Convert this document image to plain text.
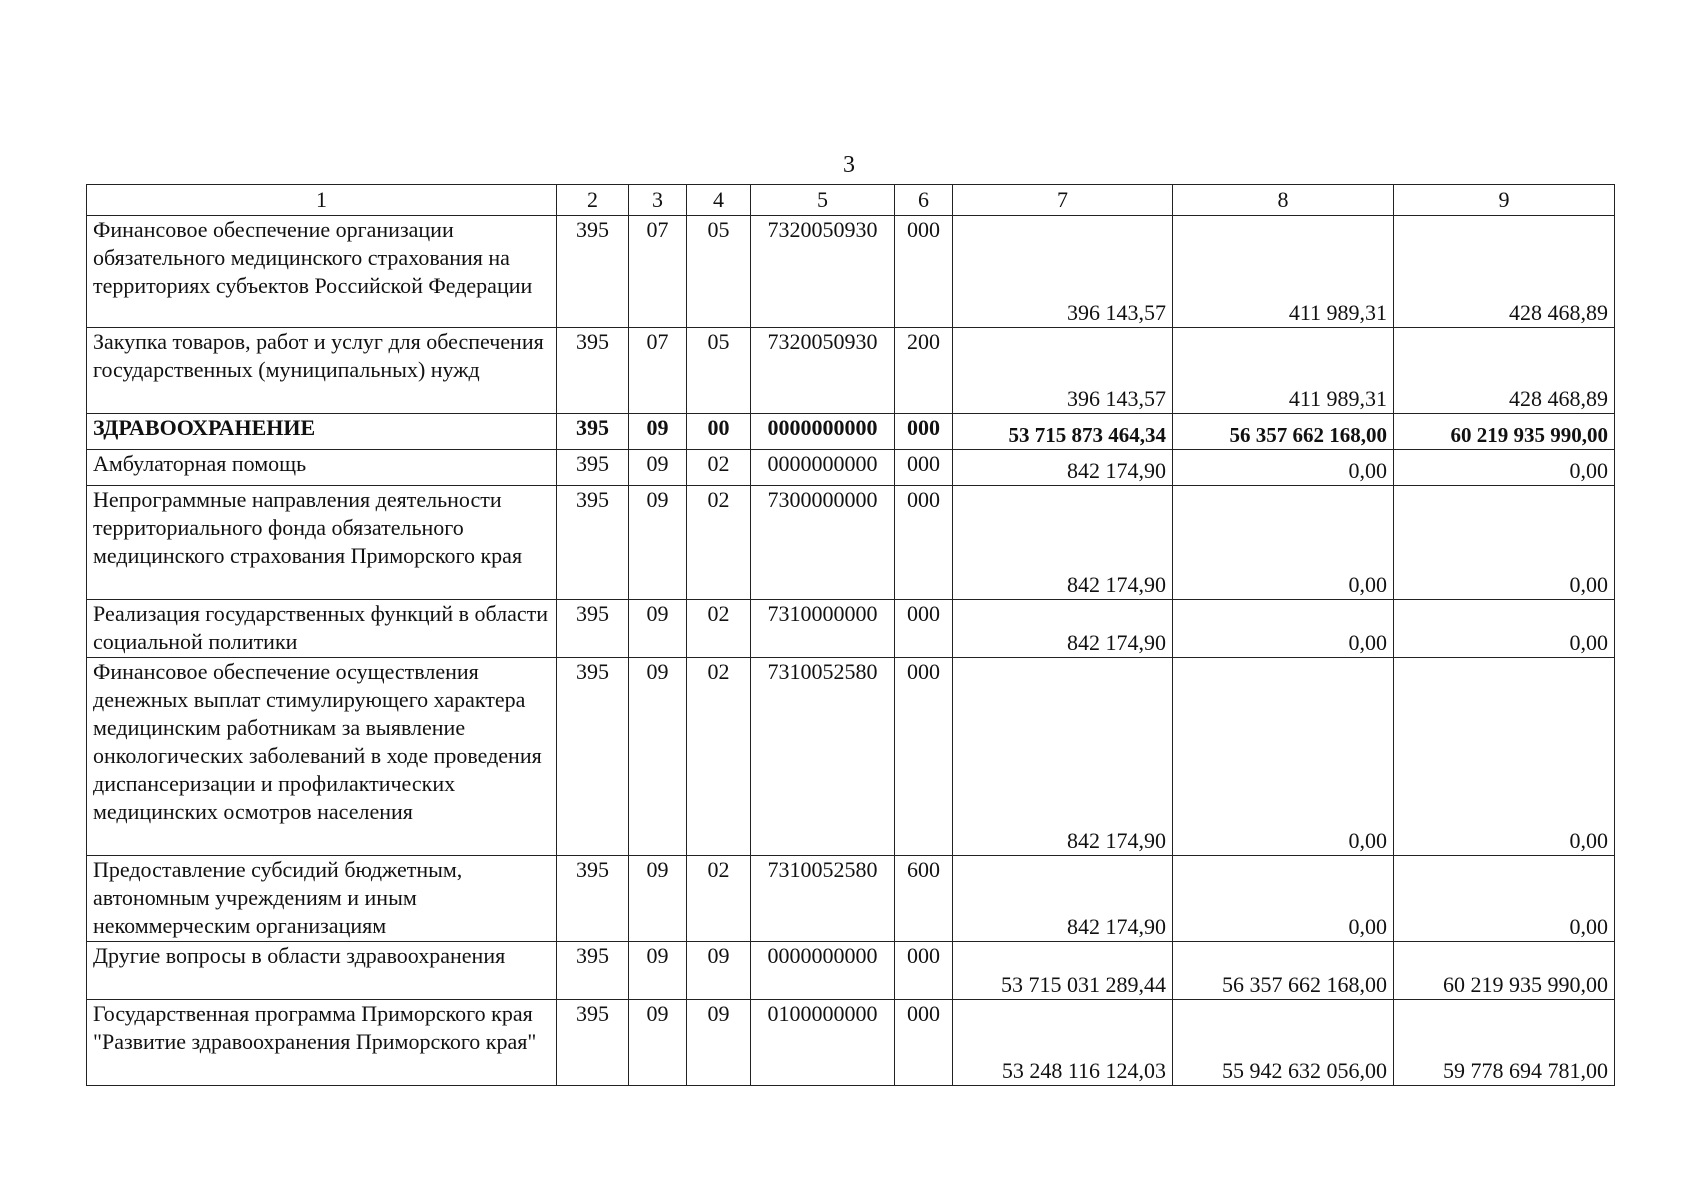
3
1	2	3	4	5	6	7	8	9
Финансовое обеспечение организации обязательного медицинского страхования на территориях субъектов Российской Федерации	395	07	05	7320050930	000	396 143,57	411 989,31	428 468,89
Закупка товаров, работ и услуг для обеспечения государственных (муниципальных) нужд	395	07	05	7320050930	200	396 143,57	411 989,31	428 468,89
ЗДРАВООХРАНЕНИЕ	395	09	00	0000000000	000	53 715 873 464,34	56 357 662 168,00	60 219 935 990,00
Амбулаторная помощь	395	09	02	0000000000	000	842 174,90	0,00	0,00
Непрограммные направления деятельности территориального фонда обязательного медицинского страхования Приморского края	395	09	02	7300000000	000	842 174,90	0,00	0,00
Реализация государственных функций в области социальной политики	395	09	02	7310000000	000	842 174,90	0,00	0,00
Финансовое обеспечение осуществления денежных выплат стимулирующего характера медицинским работникам за выявление онкологических заболеваний в ходе проведения диспансеризации и профилактических медицинских осмотров населения	395	09	02	7310052580	000	842 174,90	0,00	0,00
Предоставление субсидий бюджетным, автономным учреждениям и иным некоммерческим организациям	395	09	02	7310052580	600	842 174,90	0,00	0,00
Другие вопросы в области здравоохранения	395	09	09	0000000000	000	53 715 031 289,44	56 357 662 168,00	60 219 935 990,00
Государственная программа Приморского края "Развитие здравоохранения Приморского края"	395	09	09	0100000000	000	53 248 116 124,03	55 942 632 056,00	59 778 694 781,00
